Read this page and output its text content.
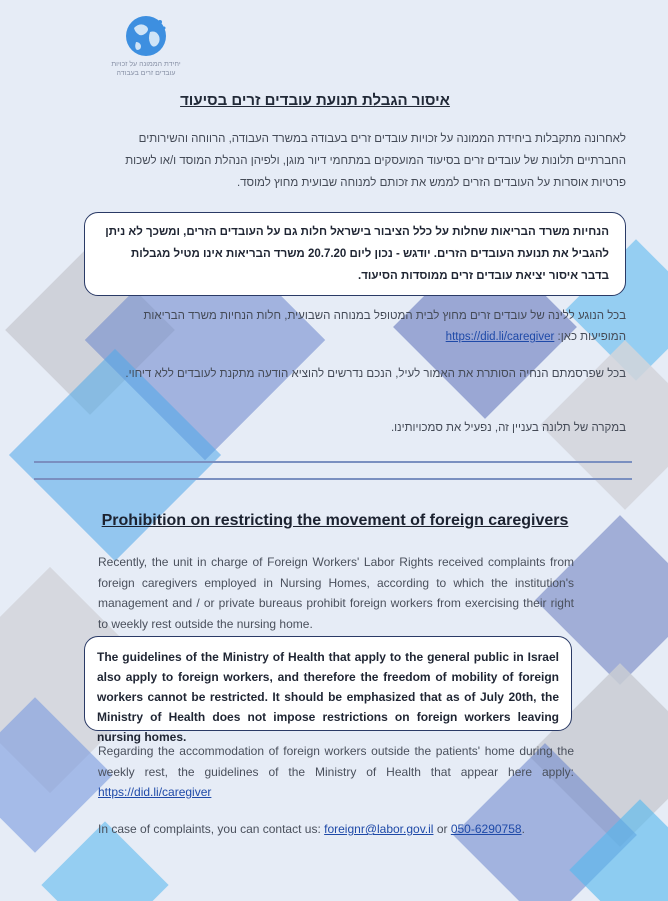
יחידת הממונה על זכויות
עובדים זרים בעבודה
איסור הגבלת תנועת עובדים זרים בסיעוד
לאחרונה מתקבלות ביחידת הממונה על זכויות עובדים זרים בעבודה במשרד העבודה, הרווחה והשירותים החברתיים תלונות של עובדים זרים בסיעוד המועסקים במתחמי דיור מוגן, ולפיהן הנהלת המוסד ו/או לשכות פרטיות אוסרות על העובדים הזרים לממש את זכותם למנוחה שבועית מחוץ למוסד.
הנחיות משרד הבריאות שחלות על כלל הציבור בישראל חלות גם על העובדים הזרים, ומשכך לא ניתן להגביל את תנועת העובדים הזרים. יודגש - נכון ליום 20.7.20 משרד הבריאות אינו מטיל מגבלות בדבר איסור יציאת עובדים זרים ממוסדות הסיעוד.
בכל הנוגע ללינה של עובדים זרים מחוץ לבית המטופל במנוחה השבועית, חלות הנחיות משרד הבריאות המופיעות כאן: https://did.li/caregiver
בכל שפרסמתם הנחיה הסותרת את האמור לעיל, הנכם נדרשים להוציא הודעה מתקנת לעובדים ללא דיחוי.
במקרה של תלונה בעניין זה, נפעיל את סמכויותינו.
Prohibition on restricting the movement of foreign caregivers
Recently, the unit in charge of Foreign Workers' Labor Rights received complaints from foreign caregivers employed in Nursing Homes, according to which the institution's management and / or private bureaus prohibit foreign workers from exercising their right to weekly rest outside the nursing home.
The guidelines of the Ministry of Health that apply to the general public in Israel also apply to foreign workers, and therefore the freedom of mobility of foreign workers cannot be restricted. It should be emphasized that as of July 20th, the Ministry of Health does not impose restrictions on foreign workers leaving nursing homes.
Regarding the accommodation of foreign workers outside the patients' home during the weekly rest, the guidelines of the Ministry of Health that appear here apply: https://did.li/caregiver
In case of complaints, you can contact us: foreignr@labor.gov.il or 050-6290758.
